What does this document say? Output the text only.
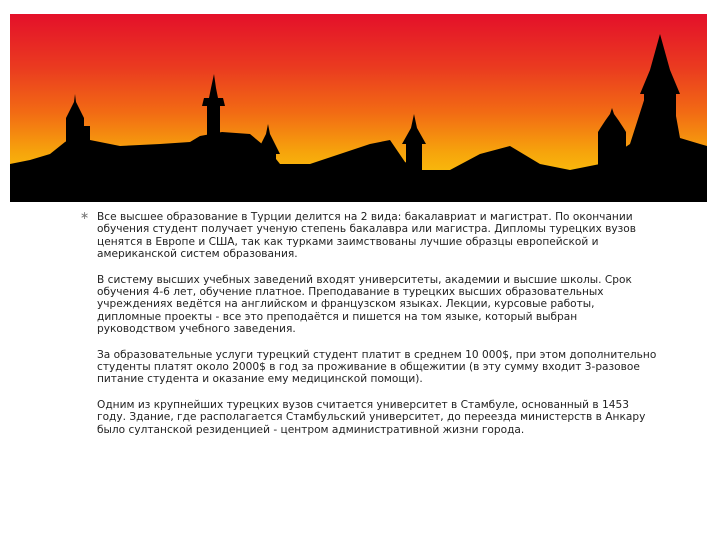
∗ Все высшее образование в Турции делится на 2 вида: бакалавриат и магистрат. По окончании обучения студент получает ученую степень бакалавра или магистра. Дипломы турецких вузов ценятся в Европе и США, так как турками заимствованы лучшие образцы европейской и американской систем образования.

В систему высших учебных заведений входят университеты, академии и высшие школы. Срок обучения 4-6 лет, обучение платное. Преподавание в турецких высших образовательных учреждениях ведётся на английском и французском языках. Лекции, курсовые работы, дипломные проекты - все это преподаётся и пишется на том языке, который выбран руководством учебного заведения.

За образовательные услуги турецкий студент платит в среднем 10 000$, при этом дополнительно студенты платят около 2000$ в год за проживание в общежитии (в эту сумму входит 3-разовое питание студента и оказание ему медицинской помощи).

Одним из крупнейших турецких вузов считается университет в Стамбуле, основанный в 1453 году. Здание, где располагается Стамбульский университет, до переезда министерств в Анкару было султанской резиденцией - центром административной жизни города.
